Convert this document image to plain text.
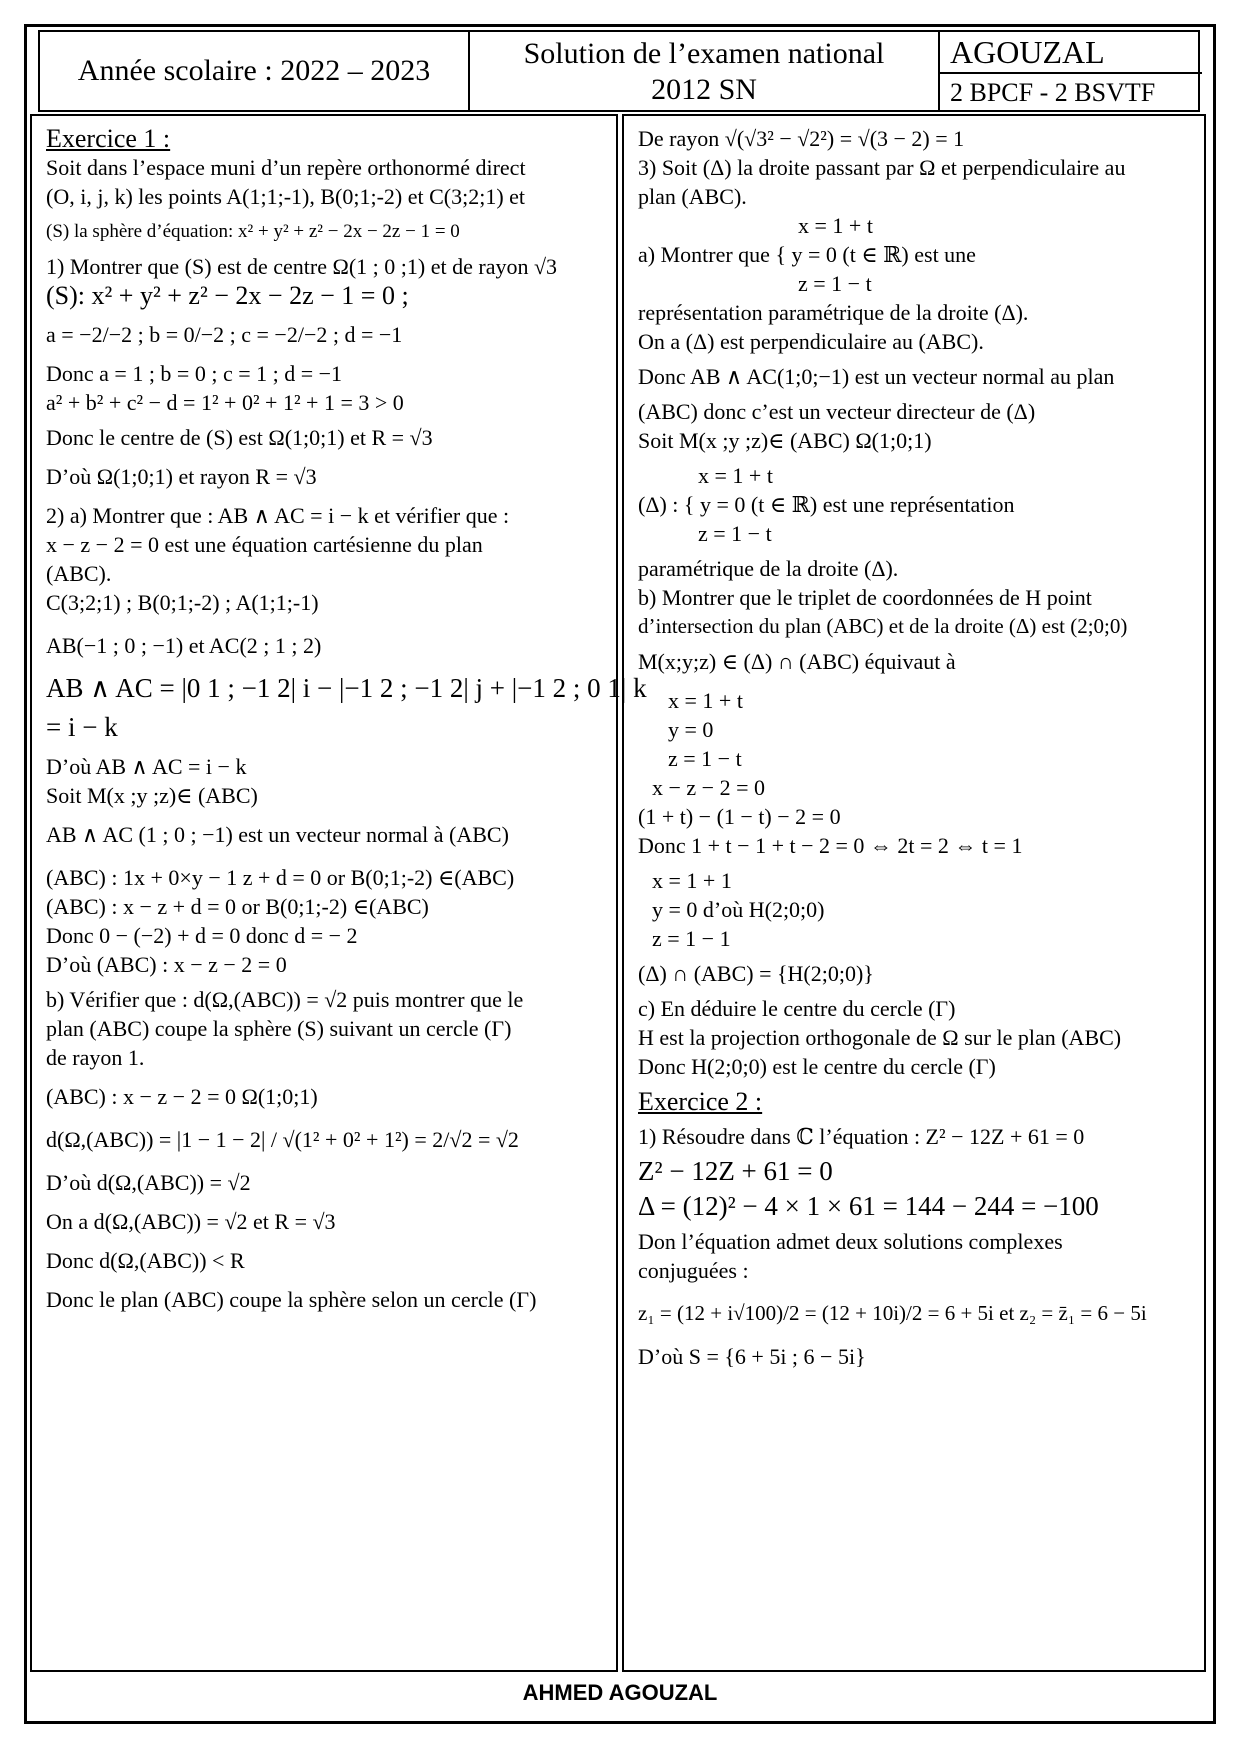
Année scolaire : 2022 – 2023
Solution de l’examen national
2012 SN
AGOUZAL
2 BPCF - 2 BSVTF
Exercice 1 :
Soit dans l’espace muni d’un repère orthonormé direct
(O, i, j, k) les points A(1;1;-1), B(0;1;-2) et C(3;2;1) et
(S) la sphère d’équation: x² + y² + z² − 2x − 2z − 1 = 0
1) Montrer que (S) est de centre Ω(1 ; 0 ;1) et de rayon √3
(S): x² + y² + z² − 2x − 2z − 1 = 0 ;
a = −2/−2 ; b = 0/−2 ; c = −2/−2 ; d = −1
Donc a = 1 ; b = 0 ; c = 1 ; d = −1
a² + b² + c² − d = 1² + 0² + 1² + 1 = 3 > 0
Donc le centre de (S) est Ω(1;0;1) et R = √3
D’où Ω(1;0;1) et rayon R = √3
2) a) Montrer que : AB ∧ AC = i − k et vérifier que :
x − z − 2 = 0 est une équation cartésienne du plan
(ABC).
C(3;2;1) ; B(0;1;-2) ; A(1;1;-1)
AB(−1 ; 0 ; −1) et AC(2 ; 1 ; 2)
AB ∧ AC = |0 1 ; −1 2| i − |−1 2 ; −1 2| j + |−1 2 ; 0 1| k
= i − k
D’où AB ∧ AC = i − k
Soit M(x ;y ;z)∈ (ABC)
AB ∧ AC (1 ; 0 ; −1) est un vecteur normal à (ABC)
(ABC) : 1x + 0×y − 1 z + d = 0 or B(0;1;-2) ∈(ABC)
(ABC) : x − z + d = 0 or B(0;1;-2) ∈(ABC)
Donc 0 − (−2) + d = 0 donc d = − 2
D’où (ABC) : x − z − 2 = 0
b) Vérifier que : d(Ω,(ABC)) = √2 puis montrer que le
plan (ABC) coupe la sphère (S) suivant un cercle (Γ)
de rayon 1.
(ABC) : x − z − 2 = 0 Ω(1;0;1)
d(Ω,(ABC)) = |1 − 1 − 2| / √(1² + 0² + 1²) = 2/√2 = √2
D’où d(Ω,(ABC)) = √2
On a d(Ω,(ABC)) = √2 et R = √3
Donc d(Ω,(ABC)) < R
Donc le plan (ABC) coupe la sphère selon un cercle (Γ)
De rayon √(√3² − √2²) = √(3 − 2) = 1
3) Soit (Δ) la droite passant par Ω et perpendiculaire au
plan (ABC).
x = 1 + t
a) Montrer que { y = 0 (t ∈ ℝ) est une
z = 1 − t
représentation paramétrique de la droite (Δ).
On a (Δ) est perpendiculaire au (ABC).
Donc AB ∧ AC(1;0;−1) est un vecteur normal au plan
(ABC) donc c’est un vecteur directeur de (Δ)
Soit M(x ;y ;z)∈ (ABC) Ω(1;0;1)
x = 1 + t
(Δ) : { y = 0 (t ∈ ℝ) est une représentation
z = 1 − t
paramétrique de la droite (Δ).
b) Montrer que le triplet de coordonnées de H point
d’intersection du plan (ABC) et de la droite (Δ) est (2;0;0)
M(x;y;z) ∈ (Δ) ∩ (ABC) équivaut à
x = 1 + t
y = 0
z = 1 − t
x − z − 2 = 0
(1 + t) − (1 − t) − 2 = 0
Donc 1 + t − 1 + t − 2 = 0 ⇔ 2t = 2 ⇔ t = 1
x = 1 + 1
y = 0 d’où H(2;0;0)
z = 1 − 1
(Δ) ∩ (ABC) = {H(2;0;0)}
c) En déduire le centre du cercle (Γ)
H est la projection orthogonale de Ω sur le plan (ABC)
Donc H(2;0;0) est le centre du cercle (Γ)
Exercice 2 :
1) Résoudre dans ℂ l’équation : Z² − 12Z + 61 = 0
Z² − 12Z + 61 = 0
Δ = (12)² − 4 × 1 × 61 = 144 − 244 = −100
Don l’équation admet deux solutions complexes
conjuguées :
z₁ = (12 + i√100)/2 = (12 + 10i)/2 = 6 + 5i et z₂ = z̄₁ = 6 − 5i
D’où S = {6 + 5i ; 6 − 5i}
AHMED AGOUZAL
